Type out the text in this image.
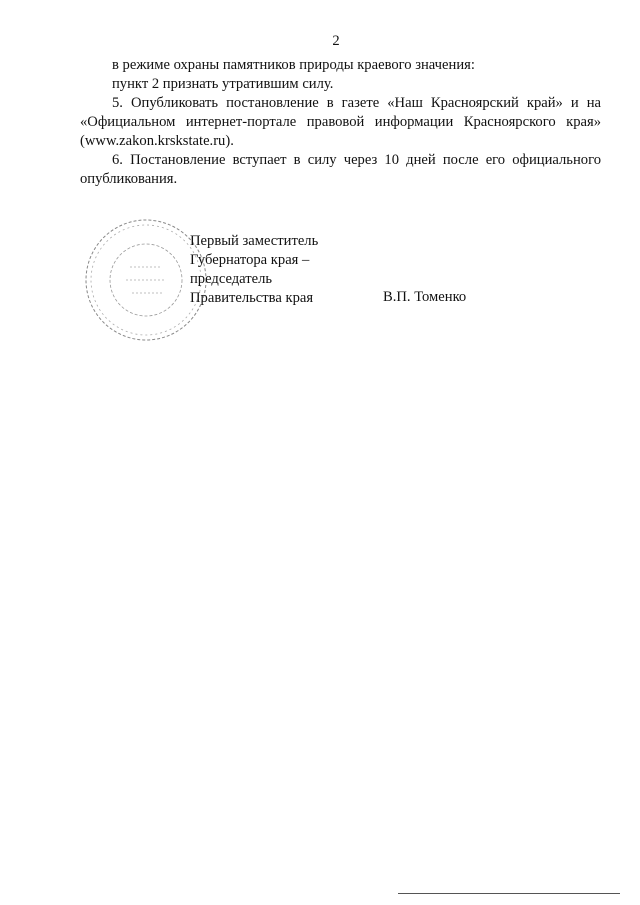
2

в режиме охраны памятников природы краевого значения:

пункт 2 признать утратившим силу.

5. Опубликовать постановление в газете «Наш Красноярский край» и на «Официальном интернет-портале правовой информации Красноярского края» (www.zakon.krskstate.ru).

6. Постановление вступает в силу через 10 дней после его официального опубликования.

Первый заместитель
Губернатора края –
председатель
Правительства края	В.П. Томенко
